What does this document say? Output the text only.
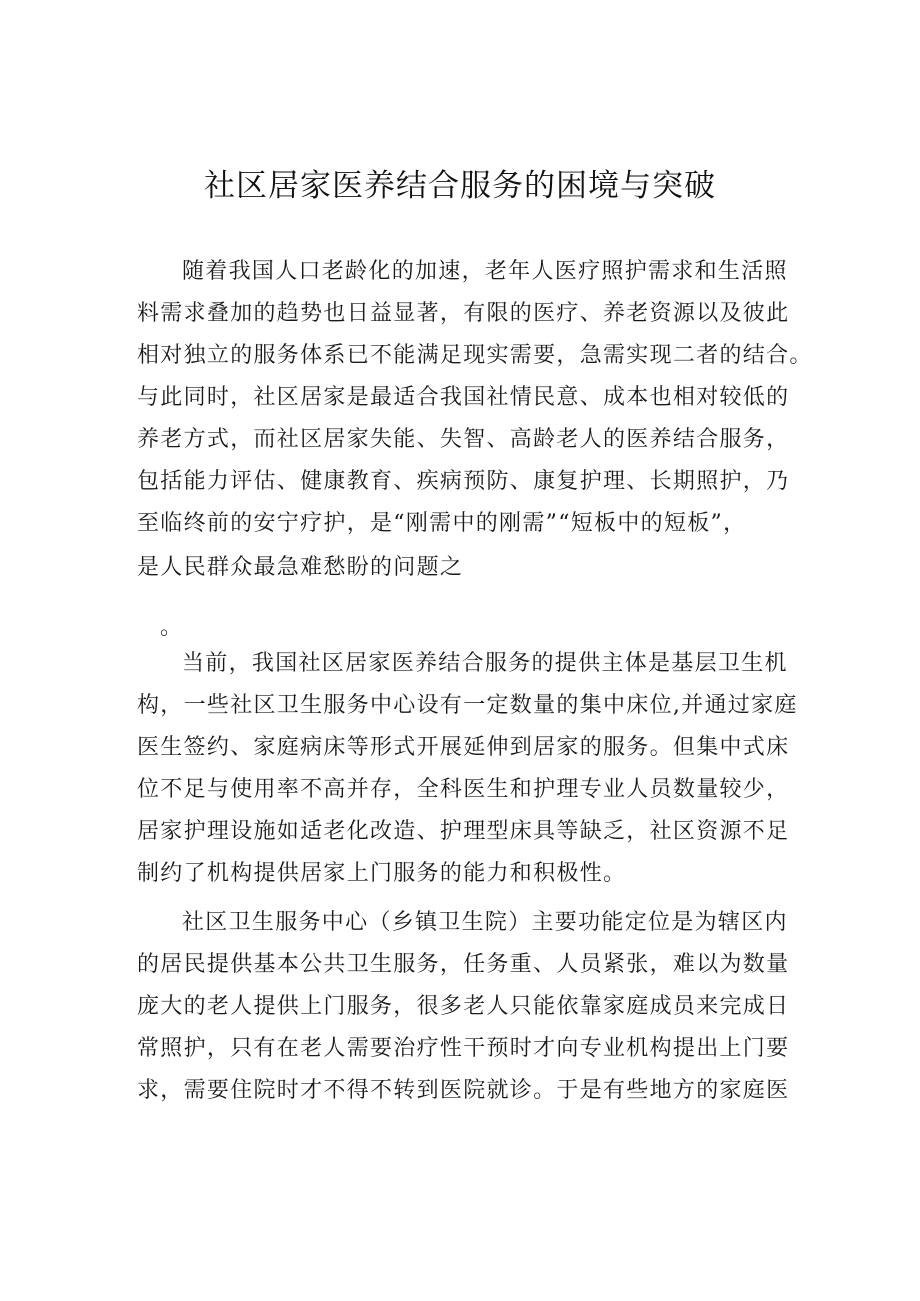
社区居家医养结合服务的困境与突破
随着我国人口老龄化的加速，老年人医疗照护需求和生活照
料需求叠加的趋势也日益显著，有限的医疗、养老资源以及彼此
相对独立的服务体系已不能满足现实需要，急需实现二者的结合。
与此同时，社区居家是最适合我国社情民意、成本也相对较低的
养老方式，而社区居家失能、失智、高龄老人的医养结合服务，
包括能力评估、健康教育、疾病预防、康复护理、长期照护，乃
至临终前的安宁疗护，是“刚需中的刚需”“短板中的短板”，
是人民群众最急难愁盼的问题之
。
当前，我国社区居家医养结合服务的提供主体是基层卫生机
构，一些社区卫生服务中心设有一定数量的集中床位,并通过家庭
医生签约、家庭病床等形式开展延伸到居家的服务。但集中式床
位不足与使用率不高并存，全科医生和护理专业人员数量较少，
居家护理设施如适老化改造、护理型床具等缺乏，社区资源不足
制约了机构提供居家上门服务的能力和积极性。
社区卫生服务中心（乡镇卫生院）主要功能定位是为辖区内
的居民提供基本公共卫生服务，任务重、人员紧张，难以为数量
庞大的老人提供上门服务，很多老人只能依靠家庭成员来完成日
常照护，只有在老人需要治疗性干预时才向专业机构提出上门要
求，需要住院时才不得不转到医院就诊。于是有些地方的家庭医
